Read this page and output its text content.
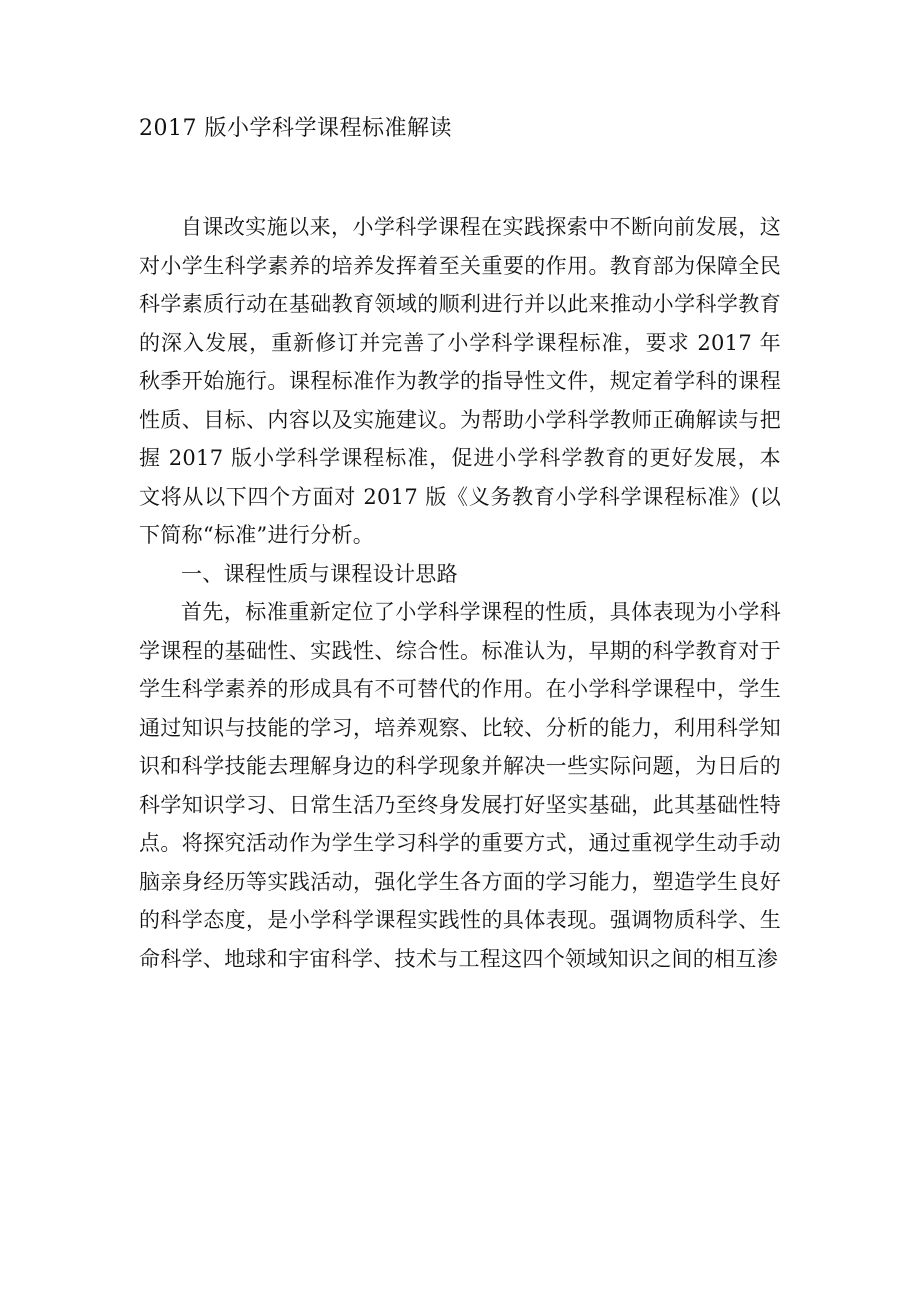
2017 版小学科学课程标准解读

自课改实施以来，小学科学课程在实践探索中不断向前发展，这对小学生科学素养的培养发挥着至关重要的作用。教育部为保障全民科学素质行动在基础教育领域的顺利进行并以此来推动小学科学教育的深入发展，重新修订并完善了小学科学课程标准，要求 2017 年秋季开始施行。课程标准作为教学的指导性文件，规定着学科的课程性质、目标、内容以及实施建议。为帮助小学科学教师正确解读与把握 2017 版小学科学课程标准，促进小学科学教育的更好发展，本文将从以下四个方面对 2017 版《义务教育小学科学课程标准》(以下简称“标准”进行分析。

一、课程性质与课程设计思路

首先，标准重新定位了小学科学课程的性质，具体表现为小学科学课程的基础性、实践性、综合性。标准认为，早期的科学教育对于学生科学素养的形成具有不可替代的作用。在小学科学课程中，学生通过知识与技能的学习，培养观察、比较、分析的能力，利用科学知识和科学技能去理解身边的科学现象并解决一些实际问题，为日后的科学知识学习、日常生活乃至终身发展打好坚实基础，此其基础性特点。将探究活动作为学生学习科学的重要方式，通过重视学生动手动脑亲身经历等实践活动，强化学生各方面的学习能力，塑造学生良好的科学态度，是小学科学课程实践性的具体表现。强调物质科学、生命科学、地球和宇宙科学、技术与工程这四个领域知识之间的相互渗
